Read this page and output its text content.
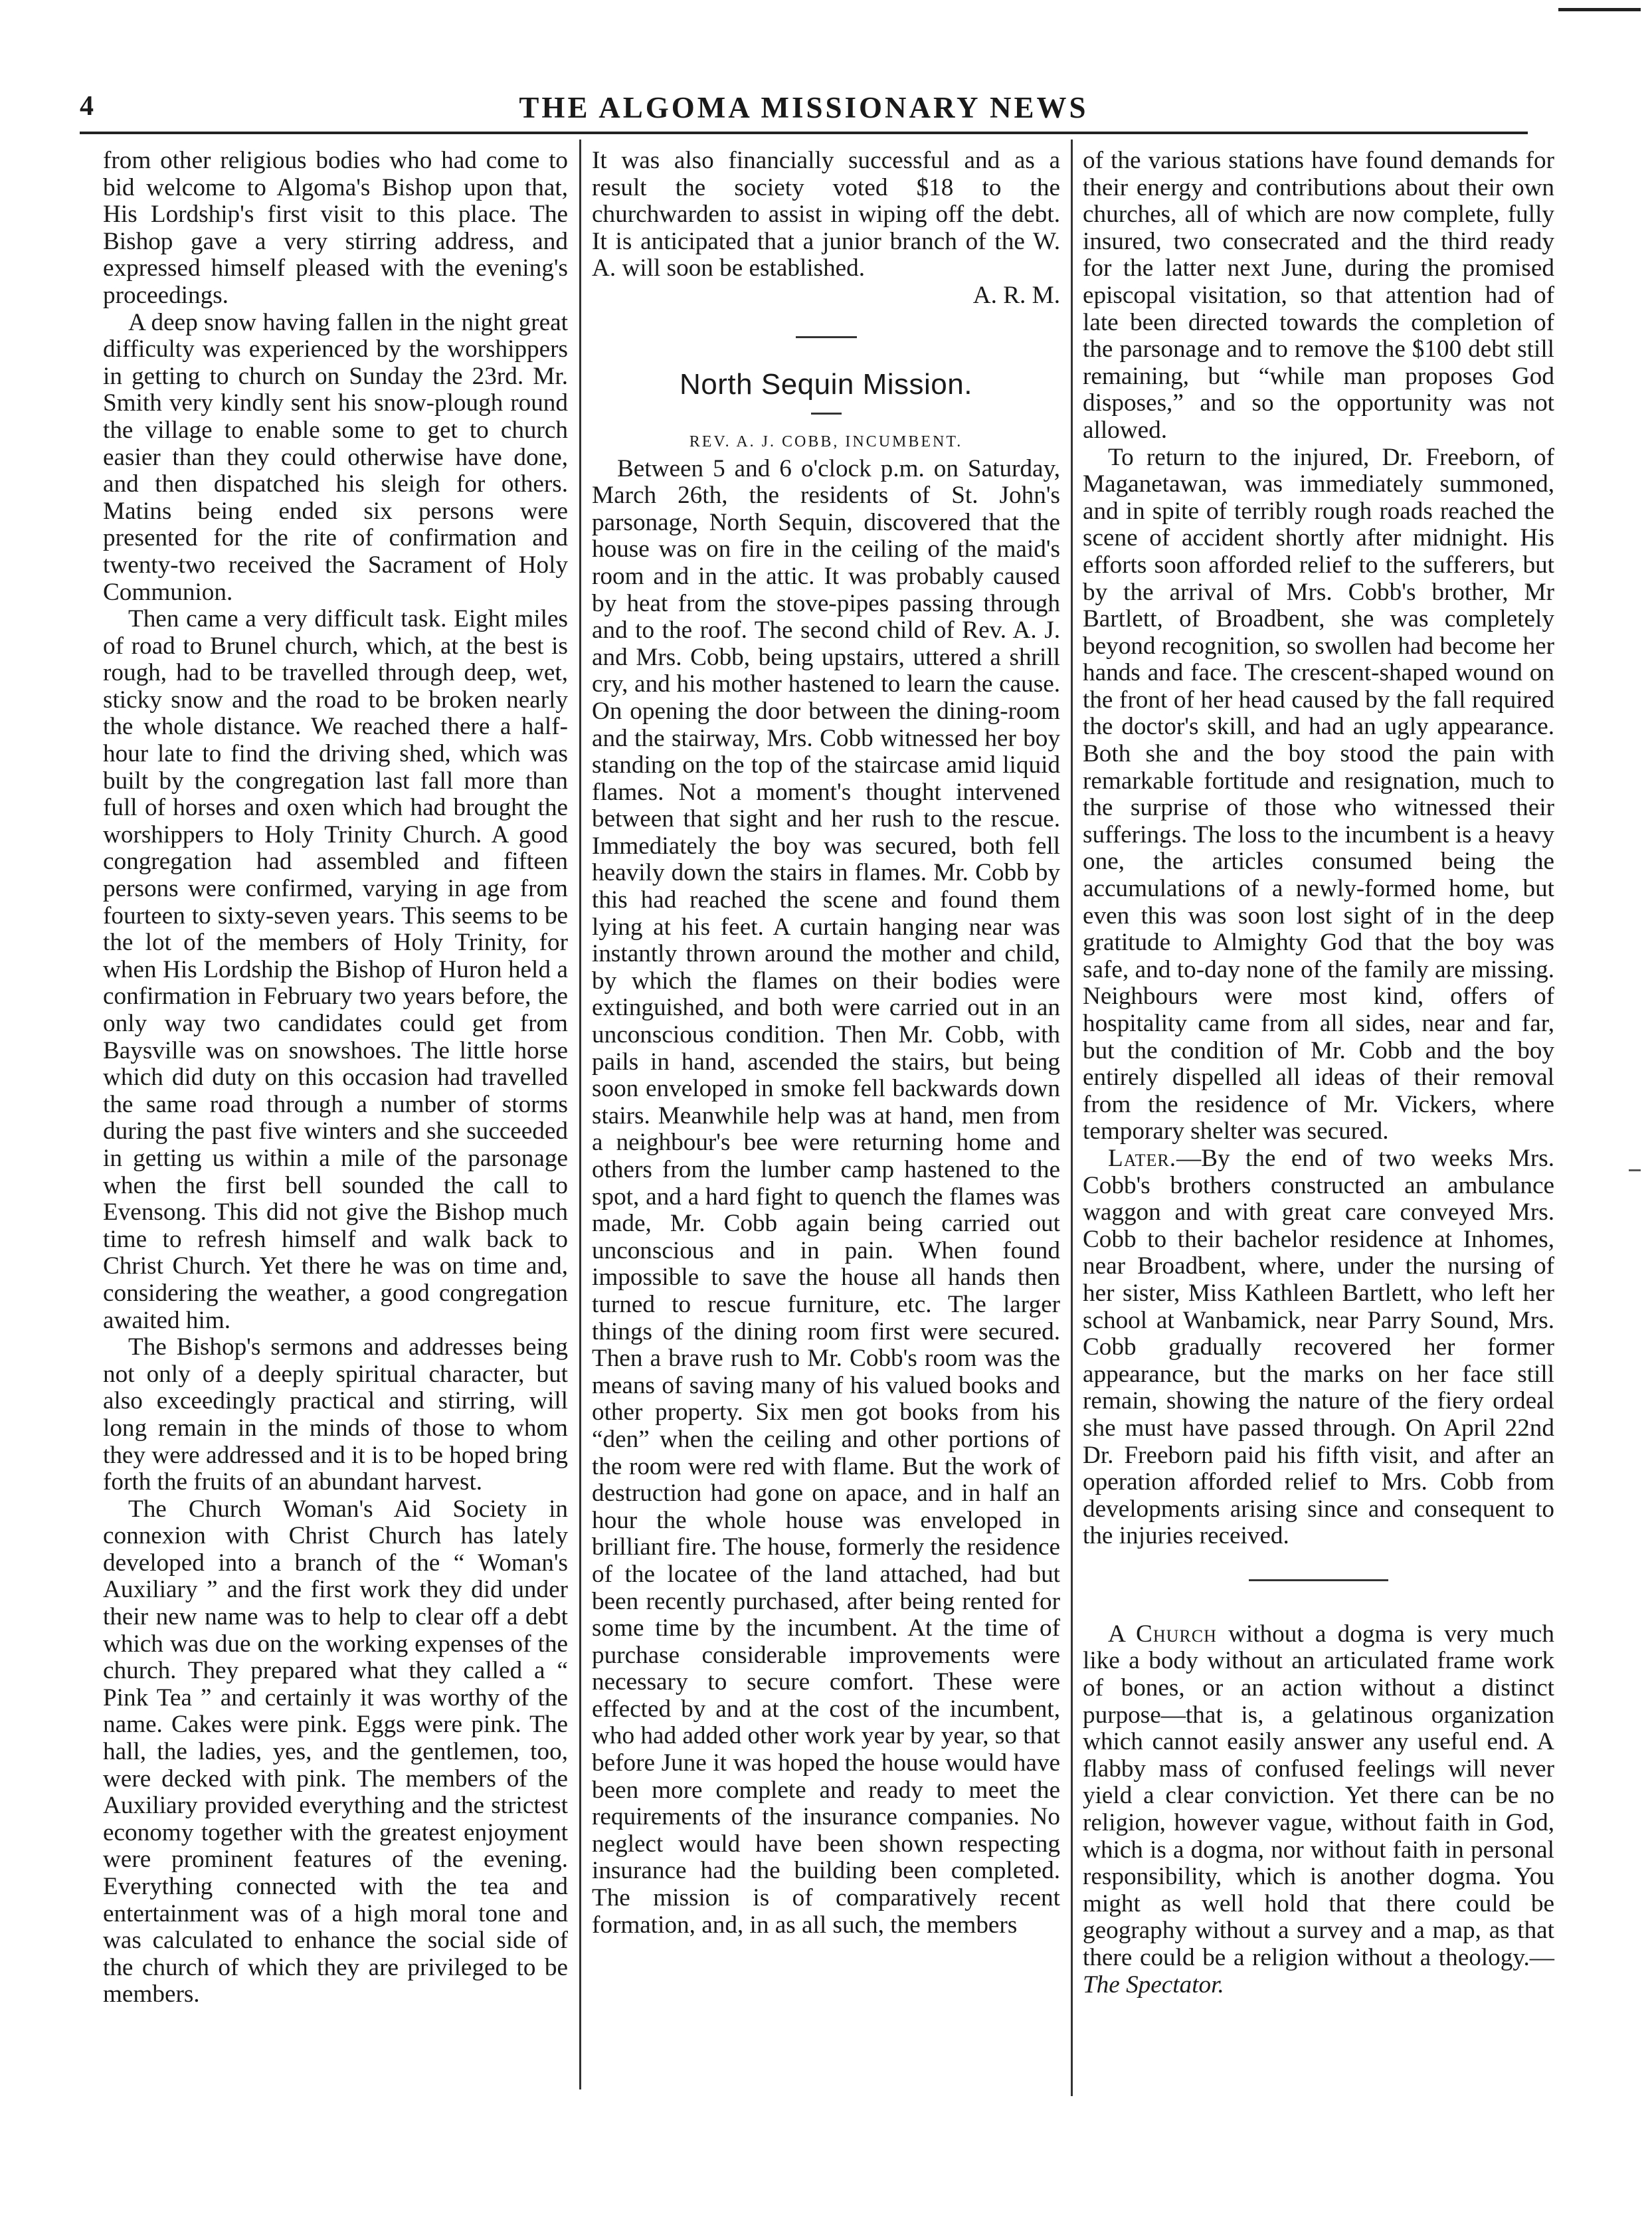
4	THE ALGOMA MISSIONARY NEWS

from other religious bodies who had come to bid welcome to Algoma's Bishop upon that, His Lordship's first visit to this place. The Bishop gave a very stirring address, and expressed himself pleased with the evening's proceedings.

A deep snow having fallen in the night great difficulty was experienced by the worshippers in getting to church on Sunday the 23rd. Mr. Smith very kindly sent his snow-plough round the village to enable some to get to church easier than they could otherwise have done, and then dispatched his sleigh for others. Matins being ended six persons were presented for the rite of confirmation and twenty-two received the Sacrament of Holy Communion.

Then came a very difficult task. Eight miles of road to Brunel church, which, at the best is rough, had to be travelled through deep, wet, sticky snow and the road to be broken nearly the whole distance. We reached there a half-hour late to find the driving shed, which was built by the congregation last fall more than full of horses and oxen which had brought the worshippers to Holy Trinity Church. A good congregation had assembled and fifteen persons were confirmed, varying in age from fourteen to sixty-seven years. This seems to be the lot of the members of Holy Trinity, for when His Lordship the Bishop of Huron held a confirmation in February two years before, the only way two candidates could get from Baysville was on snowshoes. The little horse which did duty on this occasion had travelled the same road through a number of storms during the past five winters and she succeeded in getting us within a mile of the parsonage when the first bell sounded the call to Evensong. This did not give the Bishop much time to refresh himself and walk back to Christ Church. Yet there he was on time and, considering the weather, a good congregation awaited him.

The Bishop's sermons and addresses being not only of a deeply spiritual character, but also exceedingly practical and stirring, will long remain in the minds of those to whom they were addressed and it is to be hoped bring forth the fruits of an abundant harvest.

The Church Woman's Aid Society in connexion with Christ Church has lately developed into a branch of the “ Woman's Auxiliary ” and the first work they did under their new name was to help to clear off a debt which was due on the working expenses of the church. They prepared what they called a “ Pink Tea ” and certainly it was worthy of the name. Cakes were pink. Eggs were pink. The hall, the ladies, yes, and the gentlemen, too, were decked with pink. The members of the Auxiliary provided everything and the strictest economy together with the greatest enjoyment were prominent features of the evening. Everything connected with the tea and entertainment was of a high moral tone and was calculated to enhance the social side of the church of which they are privileged to be members.

It was also financially successful and as a result the society voted $18 to the churchwarden to assist in wiping off the debt. It is anticipated that a junior branch of the W. A. will soon be established.

A. R. M.

North Sequin Mission.
REV. A. J. COBB, INCUMBENT.

Between 5 and 6 o'clock p.m. on Saturday, March 26th, the residents of St. John's parsonage, North Sequin, discovered that the house was on fire in the ceiling of the maid's room and in the attic. It was probably caused by heat from the stove-pipes passing through and to the roof. The second child of Rev. A. J. and Mrs. Cobb, being upstairs, uttered a shrill cry, and his mother hastened to learn the cause. On opening the door between the dining-room and the stairway, Mrs. Cobb witnessed her boy standing on the top of the staircase amid liquid flames. Not a moment's thought intervened between that sight and her rush to the rescue. Immediately the boy was secured, both fell heavily down the stairs in flames. Mr. Cobb by this had reached the scene and found them lying at his feet. A curtain hanging near was instantly thrown around the mother and child, by which the flames on their bodies were extinguished, and both were carried out in an unconscious condition. Then Mr. Cobb, with pails in hand, ascended the stairs, but being soon enveloped in smoke fell backwards down stairs. Meanwhile help was at hand, men from a neighbour's bee were returning home and others from the lumber camp hastened to the spot, and a hard fight to quench the flames was made, Mr. Cobb again being carried out unconscious and in pain. When found impossible to save the house all hands then turned to rescue furniture, etc. The larger things of the dining room first were secured. Then a brave rush to Mr. Cobb's room was the means of saving many of his valued books and other property. Six men got books from his “den” when the ceiling and other portions of the room were red with flame. But the work of destruction had gone on apace, and in half an hour the whole house was enveloped in brilliant fire. The house, formerly the residence of the locatee of the land attached, had but been recently purchased, after being rented for some time by the incumbent. At the time of purchase considerable improvements were necessary to secure comfort. These were effected by and at the cost of the incumbent, who had added other work year by year, so that before June it was hoped the house would have been more complete and ready to meet the requirements of the insurance companies. No neglect would have been shown respecting insurance had the building been completed. The mission is of comparatively recent formation, and, in as all such, the members

of the various stations have found demands for their energy and contributions about their own churches, all of which are now complete, fully insured, two consecrated and the third ready for the latter next June, during the promised episcopal visitation, so that attention had of late been directed towards the completion of the parsonage and to remove the $100 debt still remaining, but “while man proposes God disposes,” and so the opportunity was not allowed.

To return to the injured, Dr. Freeborn, of Maganetawan, was immediately summoned, and in spite of terribly rough roads reached the scene of accident shortly after midnight. His efforts soon afforded relief to the sufferers, but by the arrival of Mrs. Cobb's brother, Mr Bartlett, of Broadbent, she was completely beyond recognition, so swollen had become her hands and face. The crescent-shaped wound on the front of her head caused by the fall required the doctor's skill, and had an ugly appearance. Both she and the boy stood the pain with remarkable fortitude and resignation, much to the surprise of those who witnessed their sufferings. The loss to the incumbent is a heavy one, the articles consumed being the accumulations of a newly-formed home, but even this was soon lost sight of in the deep gratitude to Almighty God that the boy was safe, and to-day none of the family are missing. Neighbours were most kind, offers of hospitality came from all sides, near and far, but the condition of Mr. Cobb and the boy entirely dispelled all ideas of their removal from the residence of Mr. Vickers, where temporary shelter was secured.

Later.—By the end of two weeks Mrs. Cobb's brothers constructed an ambulance waggon and with great care conveyed Mrs. Cobb to their bachelor residence at Inhomes, near Broadbent, where, under the nursing of her sister, Miss Kathleen Bartlett, who left her school at Wanbamick, near Parry Sound, Mrs. Cobb gradually recovered her former appearance, but the marks on her face still remain, showing the nature of the fiery ordeal she must have passed through. On April 22nd Dr. Freeborn paid his fifth visit, and after an operation afforded relief to Mrs. Cobb from developments arising since and consequent to the injuries received.

A Church without a dogma is very much like a body without an articulated frame work of bones, or an action without a distinct purpose—that is, a gelatinous organization which cannot easily answer any useful end. A flabby mass of confused feelings will never yield a clear conviction. Yet there can be no religion, however vague, without faith in God, which is a dogma, nor without faith in personal responsibility, which is another dogma. You might as well hold that there could be geography without a survey and a map, as that there could be a religion without a theology.—The Spectator.
